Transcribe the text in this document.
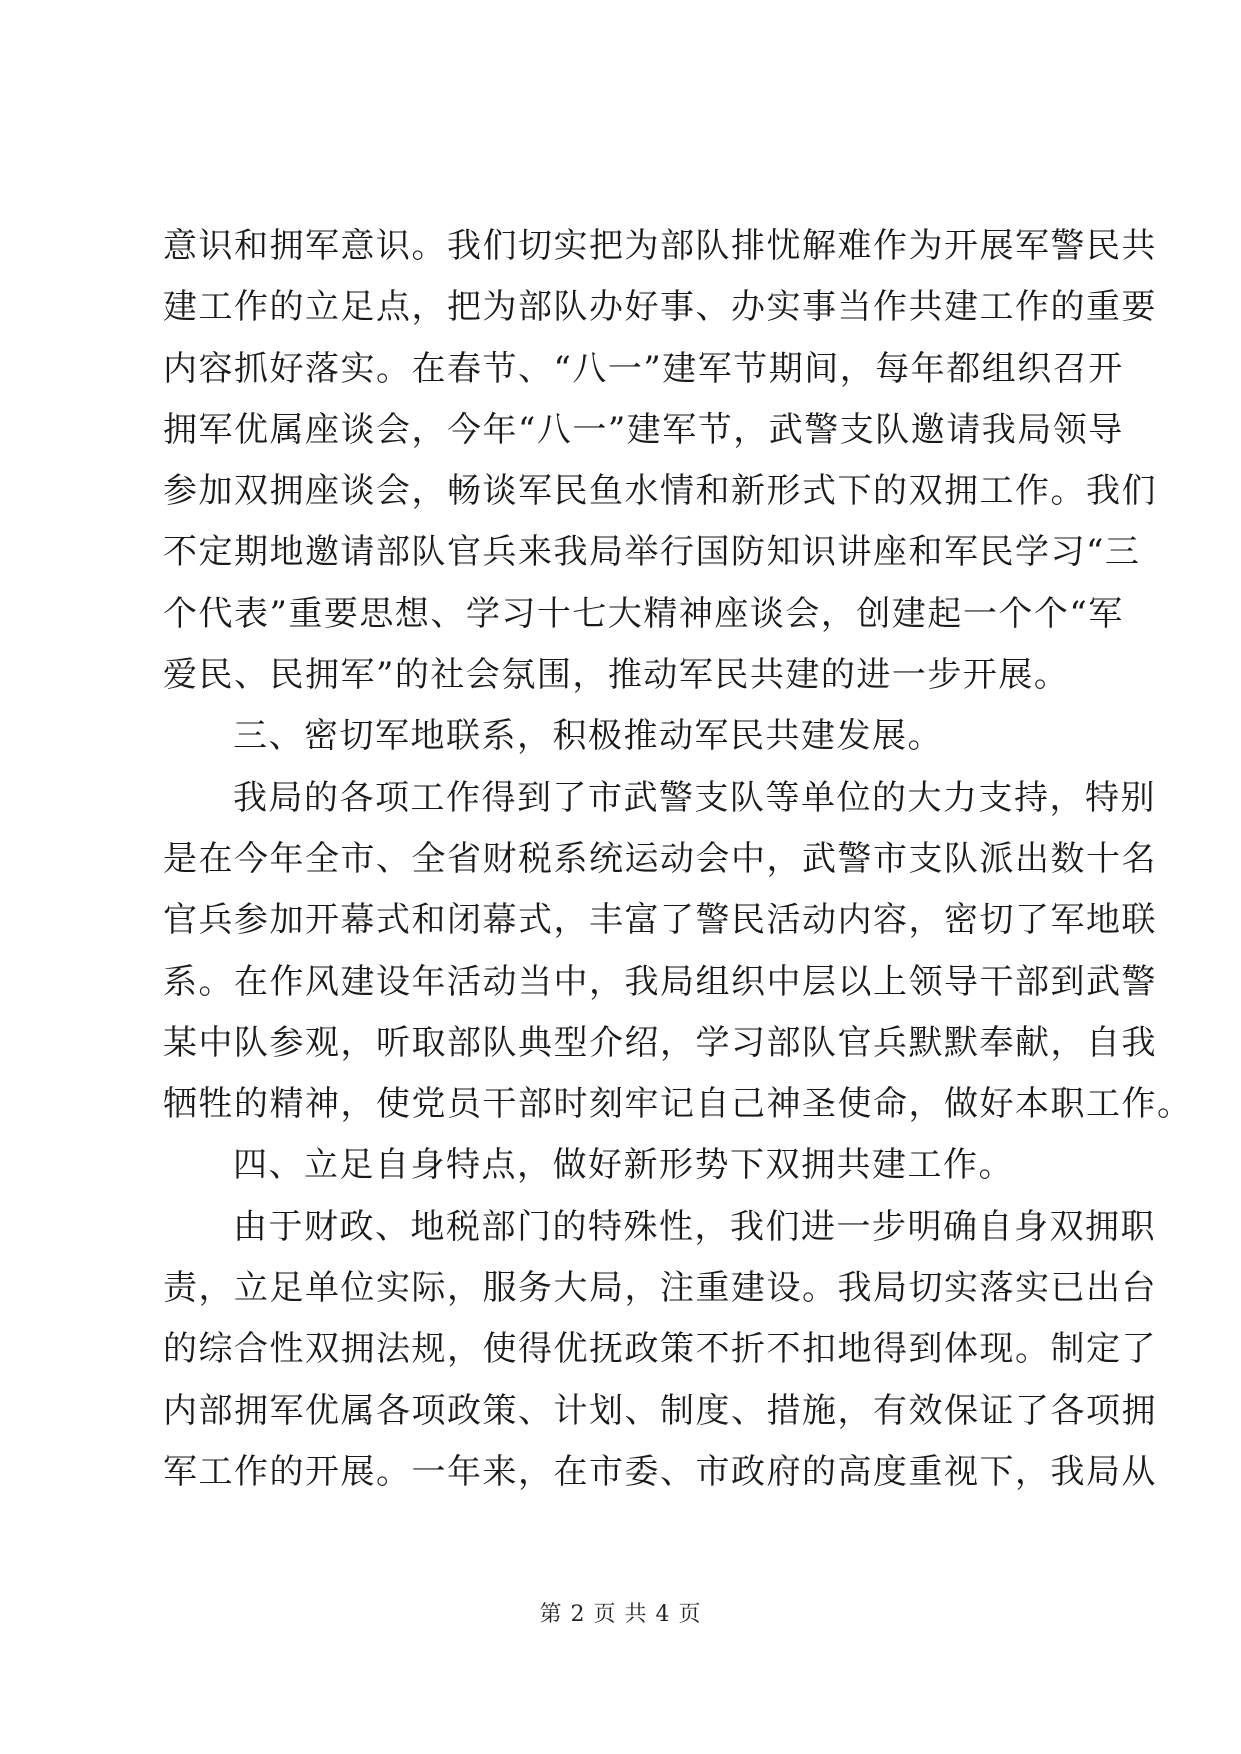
意识和拥军意识。我们切实把为部队排忧解难作为开展军警民共
建工作的立足点，把为部队办好事、办实事当作共建工作的重要
内容抓好落实。在春节、“八一”建军节期间，每年都组织召开
拥军优属座谈会，今年“八一”建军节，武警支队邀请我局领导
参加双拥座谈会，畅谈军民鱼水情和新形式下的双拥工作。我们
不定期地邀请部队官兵来我局举行国防知识讲座和军民学习“三
个代表”重要思想、学习十七大精神座谈会，创建起一个个“军
爱民、民拥军”的社会氛围，推动军民共建的进一步开展。
三、密切军地联系，积极推动军民共建发展。
我局的各项工作得到了市武警支队等单位的大力支持，特别
是在今年全市、全省财税系统运动会中，武警市支队派出数十名
官兵参加开幕式和闭幕式，丰富了警民活动内容，密切了军地联
系。在作风建设年活动当中，我局组织中层以上领导干部到武警
某中队参观，听取部队典型介绍，学习部队官兵默默奉献，自我
牺牲的精神，使党员干部时刻牢记自己神圣使命，做好本职工作。
四、立足自身特点，做好新形势下双拥共建工作。
由于财政、地税部门的特殊性，我们进一步明确自身双拥职
责，立足单位实际，服务大局，注重建设。我局切实落实已出台
的综合性双拥法规，使得优抚政策不折不扣地得到体现。制定了
内部拥军优属各项政策、计划、制度、措施，有效保证了各项拥
军工作的开展。一年来，在市委、市政府的高度重视下，我局从
第 2 页 共 4 页
